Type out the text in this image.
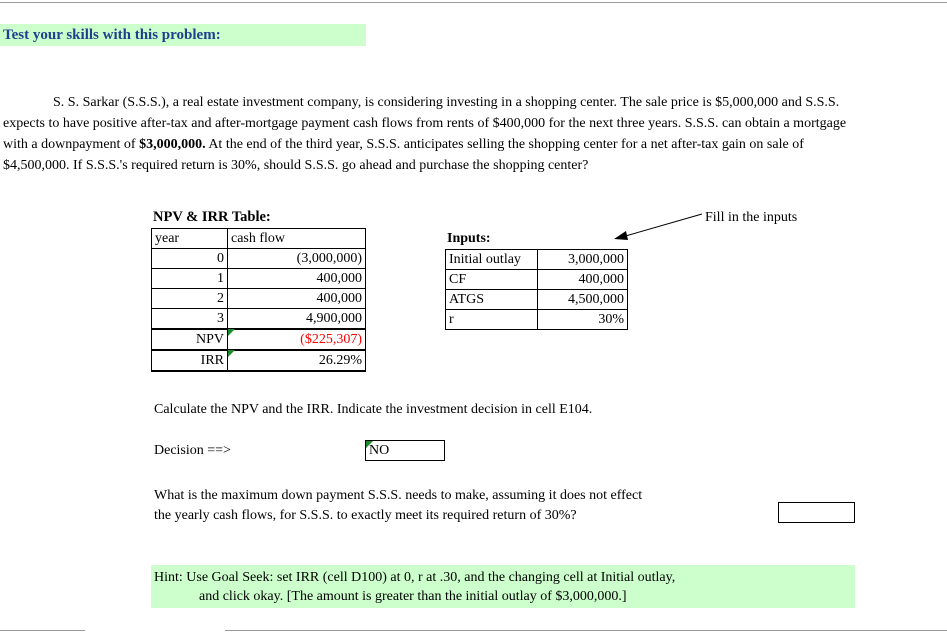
Test your skills with this problem:

S. S. Sarkar (S.S.S.), a real estate investment company, is considering investing in a shopping center. The sale price is $5,000,000 and S.S.S.

expects to have positive after-tax and after-mortgage payment cash flows from rents of $400,000 for the next three years. S.S.S. can obtain a mortgage

with a downpayment of $3,000,000. At the end of the third year, S.S.S. anticipates selling the shopping center for a net after-tax gain on sale of

$4,500,000. If S.S.S.'s required return is 30%, should S.S.S. go ahead and purchase the shopping center?

NPV & IRR Table:
year	cash flow
0	(3,000,000)
1	400,000
2	400,000
3	4,900,000
NPV	($225,307)
IRR	26.29%
Inputs:
Initial outlay	3,000,000
CF	400,000
ATGS	4,500,000
r	30%
Fill in the inputs
Calculate the NPV and the IRR. Indicate the investment decision in cell E104.
Decision ==>	NO
What is the maximum down payment S.S.S. needs to make, assuming it does not effect
the yearly cash flows, for S.S.S. to exactly meet its required return of 30%?
Hint: Use Goal Seek: set IRR (cell D100) at 0, r at .30, and the changing cell at Initial outlay,
and click okay. [The amount is greater than the initial outlay of $3,000,000.]
